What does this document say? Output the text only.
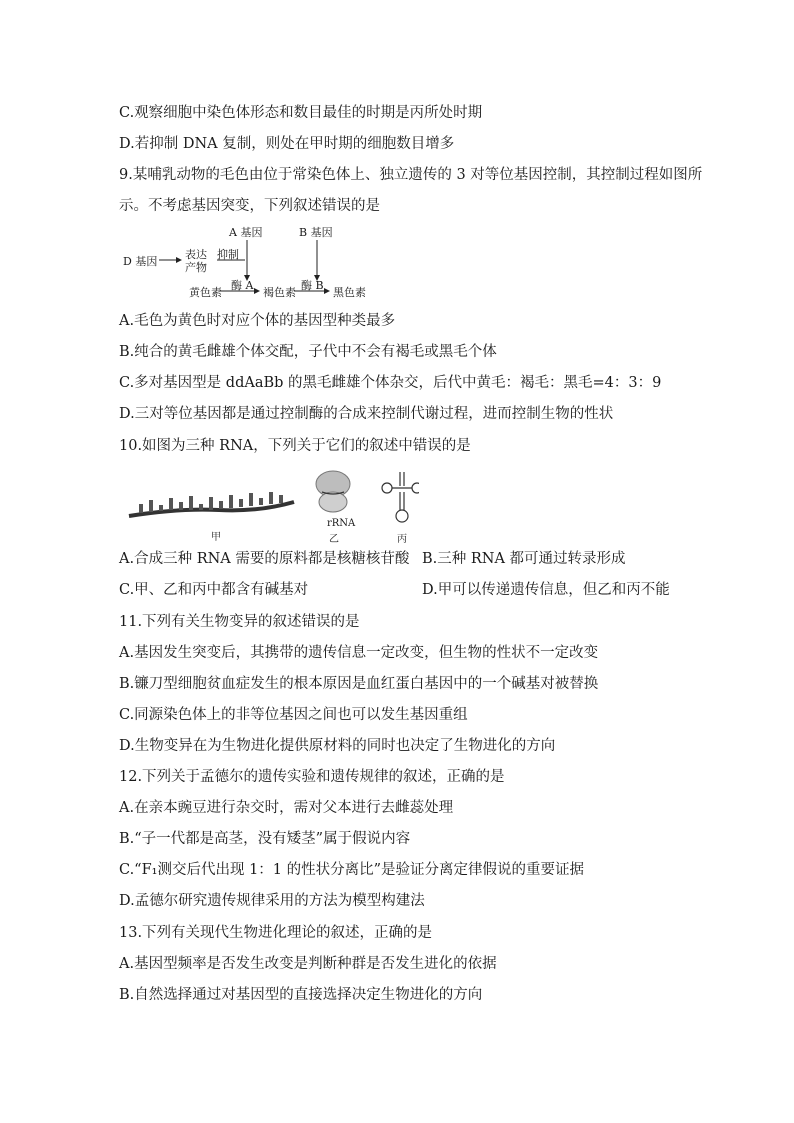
C.观察细胞中染色体形态和数目最佳的时期是丙所处时期
D.若抑制 DNA 复制，则处在甲时期的细胞数目增多
9.某哺乳动物的毛色由位于常染色体上、独立遗传的 3 对等位基因控制，其控制过程如图所
示。不考虑基因突变，下列叙述错误的是
D 基因
表达
产物
抑制
A 基因	B 基因
黄色素
酶 A
褐色素
酶 B
黑色素
A.毛色为黄色时对应个体的基因型种类最多
B.纯合的黄毛雌雄个体交配，子代中不会有褐毛或黑毛个体
C.多对基因型是 ddAaBb 的黑毛雌雄个体杂交，后代中黄毛：褐毛：黑毛=4：3：9
D.三对等位基因都是通过控制酶的合成来控制代谢过程，进而控制生物的性状
10.如图为三种 RNA，下列关于它们的叙述中错误的是
甲
rRNA
乙	丙
A.合成三种 RNA 需要的原料都是核糖核苷酸 B.三种 RNA 都可通过转录形成
C.甲、乙和丙中都含有碱基对	D.甲可以传递遗传信息，但乙和丙不能
11.下列有关生物变异的叙述错误的是
A.基因发生突变后，其携带的遗传信息一定改变，但生物的性状不一定改变
B.镰刀型细胞贫血症发生的根本原因是血红蛋白基因中的一个碱基对被替换
C.同源染色体上的非等位基因之间也可以发生基因重组
D.生物变异在为生物进化提供原材料的同时也决定了生物进化的方向
12.下列关于孟德尔的遗传实验和遗传规律的叙述，正确的是
A.在亲本豌豆进行杂交时，需对父本进行去雌蕊处理
B.“子一代都是高茎，没有矮茎”属于假说内容
C.“F₁测交后代出现 1：1 的性状分离比”是验证分离定律假说的重要证据
D.孟德尔研究遗传规律采用的方法为模型构建法
13.下列有关现代生物进化理论的叙述，正确的是
A.基因型频率是否发生改变是判断种群是否发生进化的依据
B.自然选择通过对基因型的直接选择决定生物进化的方向
